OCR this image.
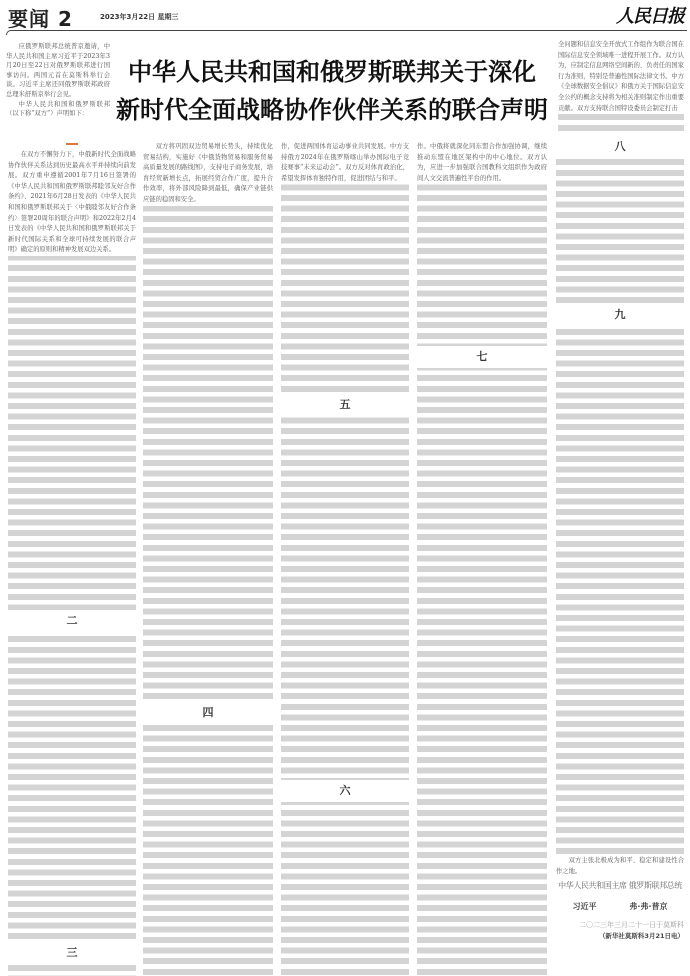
要闻 2	2023年3月22日 星期三	人民日报
中华人民共和国和俄罗斯联邦关于深化
新时代全面战略协作伙伴关系的联合声明

应俄罗斯联邦总统普京邀请，中华人民共和国主席习近平于2023年3月20日至22日对俄罗斯联邦进行国事访问。两国元首在莫斯科举行会谈。习近平主席还同俄罗斯联邦政府总理米舒斯京举行会见。

中华人民共和国和俄罗斯联邦（以下称“双方”）声明如下：

全问题和信息安全开放式工作组作为联合国在国际信息安全领域唯一进程开展工作。双方认为，应制定信息网络空间新的、负责任的国家行为准则，特别是普遍性国际法律文书。中方《全球数据安全倡议》和俄方关于国际信息安全公约的概念支持将为相关准则制定作出重要贡献。双方支持联合国特设委员会制定打击

在双方不懈努力下，中俄新时代全面战略协作伙伴关系达到历史最高水平并持续向前发展。双方重申遵循2001年7月16日签署的《中华人民共和国和俄罗斯联邦睦邻友好合作条约》、2021年6月28日发表的《中华人民共和国和俄罗斯联邦关于〈中俄睦邻友好合作条约〉签署20周年的联合声明》和2022年2月4日发表的《中华人民共和国和俄罗斯联邦关于新时代国际关系和全球可持续发展的联合声明》确定的原则和精神发展双边关系。

二
三

双方将巩固双边贸易增长势头，持续优化贸易结构，实施好《中俄货物贸易和服务贸易高质量发展的路线图》，支持电子商务发展，培育经贸新增长点，拓展经贸合作广度，提升合作效率，将外部风险降到最低，确保产业链供应链的稳固和安全。

四

作，促进两国体育运动事业共同发展。中方支持俄方2024年在俄罗斯喀山举办国际电子竞技赛事“未来运动会”。双方反对体育政治化，希望发挥体育独特作用，促进团结与和平。

五
六

作。中俄将就深化同东盟合作加强协调，继续推动东盟在地区架构中的中心地位。双方认为，应进一步加强联合国教科文组织作为政府间人文交流普遍性平台的作用。

七
八
九

双方主张北极成为和平、稳定和建设性合作之地。

中华人民共和国主席 俄罗斯联邦总统
习近平	弗·弗·普京
二〇二三年三月二十一日于莫斯科
（新华社莫斯科3月21日电）
